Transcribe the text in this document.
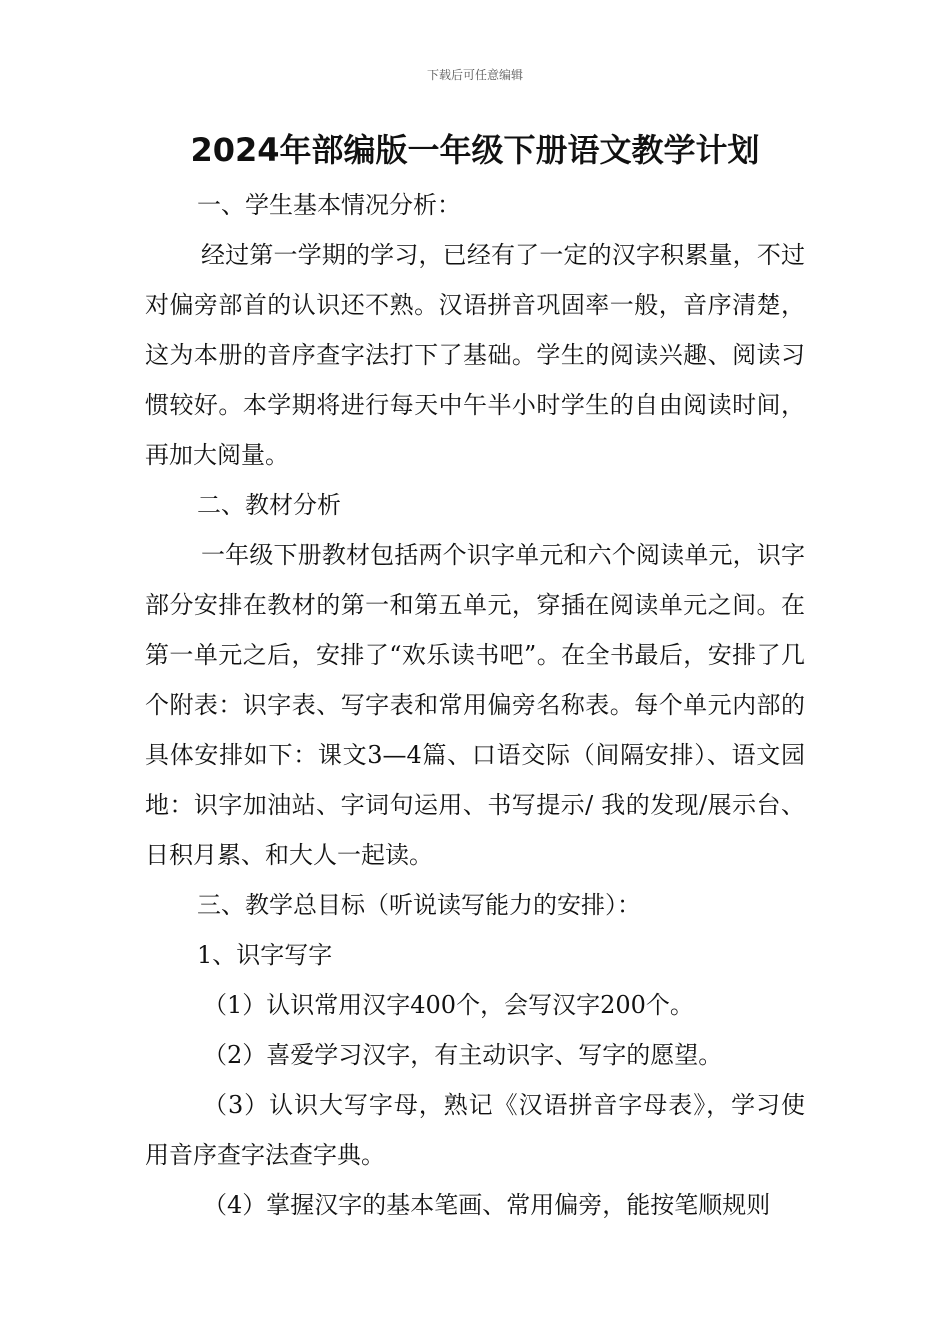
下载后可任意编辑
2024年部编版一年级下册语文教学计划

一、学生基本情况分析：

经过第一学期的学习，已经有了一定的汉字积累量，不过对偏旁部首的认识还不熟。汉语拼音巩固率一般，音序清楚，这为本册的音序查字法打下了基础。学生的阅读兴趣、阅读习惯较好。本学期将进行每天中午半小时学生的自由阅读时间，再加大阅量。

二、教材分析

一年级下册教材包括两个识字单元和六个阅读单元，识字部分安排在教材的第一和第五单元，穿插在阅读单元之间。在第一单元之后，安排了“欢乐读书吧”。在全书最后，安排了几个附表：识字表、写字表和常用偏旁名称表。每个单元内部的具体安排如下：课文3—4篇、口语交际（间隔安排）、语文园地：识字加油站、字词句运用、书写提示/ 我的发现/展示台、日积月累、和大人一起读。

三、教学总目标（听说读写能力的安排）：

1、识字写字

（1）认识常用汉字400个，会写汉字200个。

（2）喜爱学习汉字，有主动识字、写字的愿望。

（3）认识大写字母，熟记《汉语拼音字母表》，学习使用音序查字法查字典。

（4）掌握汉字的基本笔画、常用偏旁，能按笔顺规则
